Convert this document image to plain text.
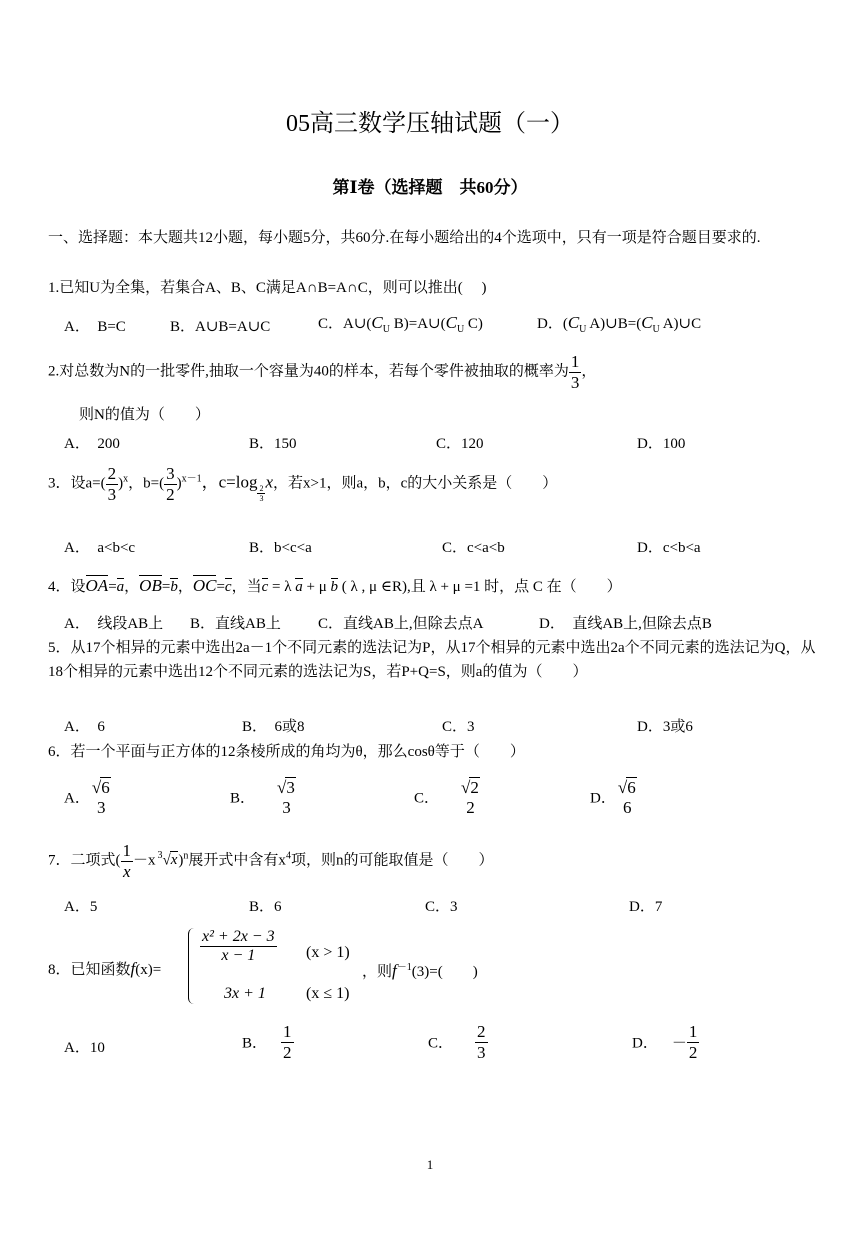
05高三数学压轴试题（一）
第Ⅰ卷（选择题　共60分）
一、选择题：本大题共12小题，每小题5分，共60分.在每小题给出的4个选项中，只有一项是符合题目要求的.
1.已知U为全集，若集合A、B、C满足A∩B=A∩C，则可以推出(　 )
A．　B=C	B．A∪B=A∪C	C．$A\cup(C_U$ $B)=A\cup(C_U$ C)	D．($C_U$ $A)\cup B=(C_U$ A)∪C
2.对总数为N的一批零件,抽取一个容量为40的样本，若每个零件被抽取的概率为 $\frac{1}{3}$ ，
则N的值为（　　）
A．　200	B．150	C．120	D．100
3．设$a=( \frac{2}{3} )^x$，$b=( \frac{3}{2} )^{x-1}$，c=log
$\frac{2}{3}$
x，若x>1，则a，b，c的大小关系是（　　）
A．　a<b<c	B．b<c<a	C．c<a<b	D．c<b<a
4．设OA=a，OB=b，OC=c，当c = λ a + μ b ( λ , μ ∈R),且 λ + μ =1 时，点 C 在（　　）
A．　线段AB上 B．直线AB上 C．直线AB上,但除去点A	D．　直线AB上,但除去点B
5．从17个相异的元素中选出2a－1个不同元素的选法记为P，从17个相异的元素中选出2a个不同元素的选法记为Q，从18个相异的元素中选出12个不同元素的选法记为S，若P+Q=S，则a的值为（　　）
A．　6	B．　6或8	C．3	D．3或6
6．若一个平面与正方体的12条棱所成的角均为θ，那么cosθ等于（　　）
A．
√6
3	B．
√3
3	C．
√2
2	D．
√6
6
7．二项式( $\frac{1}{x} -x$ $^3$√x)$^n$展开式中含有$x^4$项，则n的可能取值是（　　）
A．5	B．6	C．3	D．7
8．已知函数f(x)=
$\frac{\text{x² + 2x − 3}}{x - 1} (x > 1)$
3x + 1	(x ≤ 1)
，则$f^{-1}(3)=$(　　)
A．10	B． $\frac{1}{2}$	C． $\frac{2}{3}$	D． － $\frac{1}{2}$
1
